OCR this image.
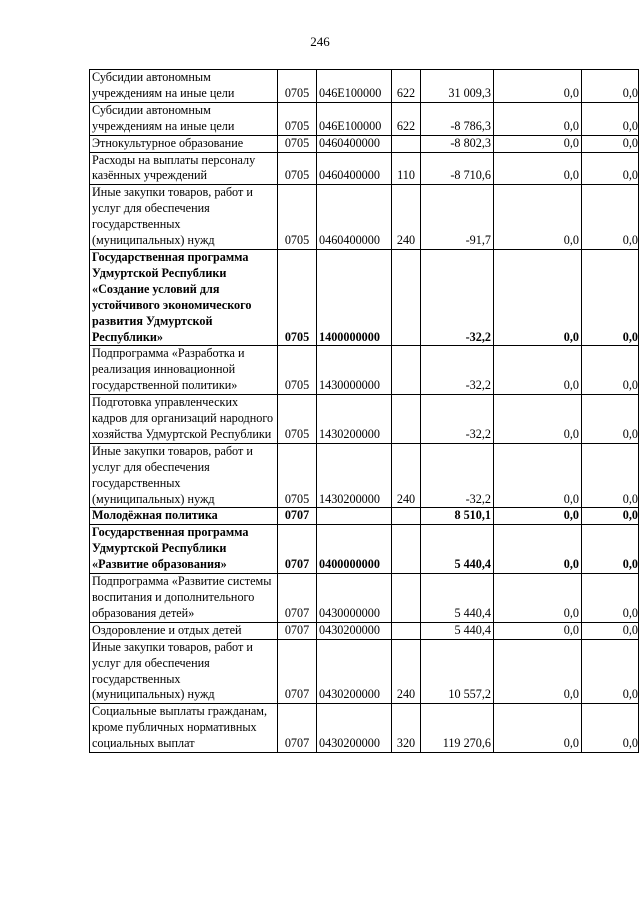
246
Субсидии автономным учреждениям на иные цели	0705	046E100000	622	31 009,3	0,0	0,0

Субсидии автономным учреждениям на иные цели	0705	046E100000	622	-8 786,3	0,0	0,0

Этнокультурное образование	0705	0460400000		-8 802,3	0,0	0,0

Расходы на выплаты персоналу казённых учреждений	0705	0460400000	110	-8 710,6	0,0	0,0

Иные закупки товаров, работ и услуг для обеспечения государственных (муниципальных) нужд	0705	0460400000	240	-91,7	0,0	0,0

Государственная программа Удмуртской Республики «Создание условий для устойчивого экономического развития Удмуртской Республики»	0705	1400000000		-32,2	0,0	0,0

Подпрограмма «Разработка и реализация инновационной государственной политики»	0705	1430000000		-32,2	0,0	0,0

Подготовка управленческих кадров для организаций народного хозяйства Удмуртской Республики	0705	1430200000		-32,2	0,0	0,0

Иные закупки товаров, работ и услуг для обеспечения государственных (муниципальных) нужд	0705	1430200000	240	-32,2	0,0	0,0

Молодёжная политика	0707			8 510,1	0,0	0,0

Государственная программа Удмуртской Республики «Развитие образования»	0707	0400000000		5 440,4	0,0	0,0

Подпрограмма «Развитие системы воспитания и дополнительного образования детей»	0707	0430000000		5 440,4	0,0	0,0

Оздоровление и отдых детей	0707	0430200000		5 440,4	0,0	0,0

Иные закупки товаров, работ и услуг для обеспечения государственных (муниципальных) нужд	0707	0430200000	240	10 557,2	0,0	0,0

Социальные выплаты гражданам, кроме публичных нормативных социальных выплат	0707	0430200000	320	119 270,6	0,0	0,0
